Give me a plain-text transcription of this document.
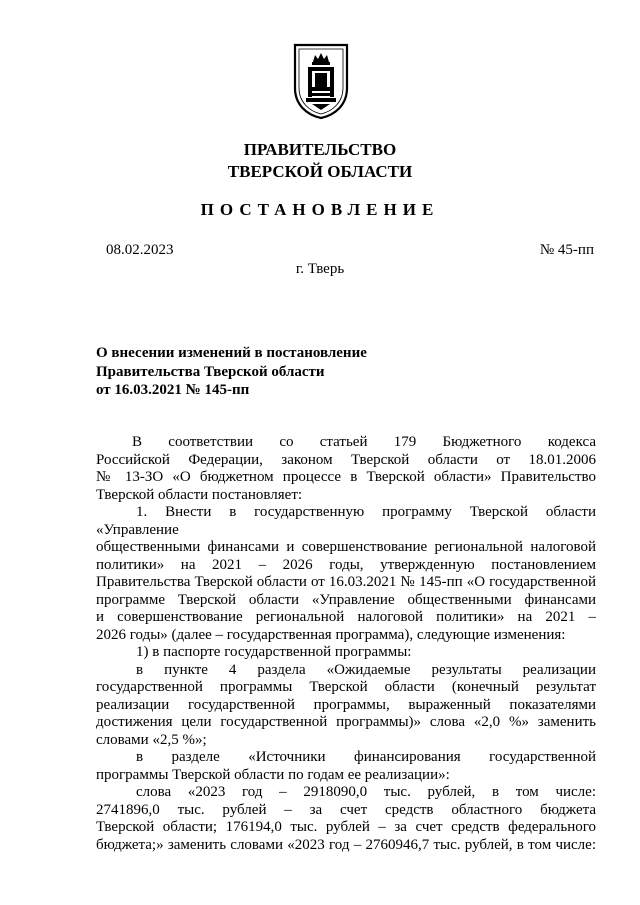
ПРАВИТЕЛЬСТВО
ТВЕРСКОЙ ОБЛАСТИ
ПОСТАНОВЛЕНИЕ
08.02.2023	№ 45-пп
г. Тверь
О внесении изменений в постановление
Правительства Тверской области
от 16.03.2021 № 145-пп

В соответствии со статьей 179 Бюджетного кодекса

Российской Федерации, законом Тверской области от 18.01.2006

№ 13-ЗО «О бюджетном процессе в Тверской области» Правительство

Тверской области постановляет:

1. Внести в государственную программу Тверской области «Управление

общественными финансами и совершенствование региональной налоговой

политики» на 2021 – 2026 годы, утвержденную постановлением

Правительства Тверской области от 16.03.2021 № 145-пп «О государственной

программе Тверской области «Управление общественными финансами

и совершенствование региональной налоговой политики» на 2021 –

2026 годы» (далее – государственная программа), следующие изменения:

1) в паспорте государственной программы:

в пункте 4 раздела «Ожидаемые результаты реализации

государственной программы Тверской области (конечный результат

реализации государственной программы, выраженный показателями

достижения цели государственной программы)» слова «2,0 %» заменить

словами «2,5 %»;

в разделе «Источники финансирования государственной

программы Тверской области по годам ее реализации»:

слова «2023 год – 2918090,0 тыс. рублей, в том числе:

2741896,0 тыс. рублей – за счет средств областного бюджета

Тверской области; 176194,0 тыс. рублей – за счет средств федерального

бюджета;» заменить словами «2023 год – 2760946,7 тыс. рублей, в том числе:
